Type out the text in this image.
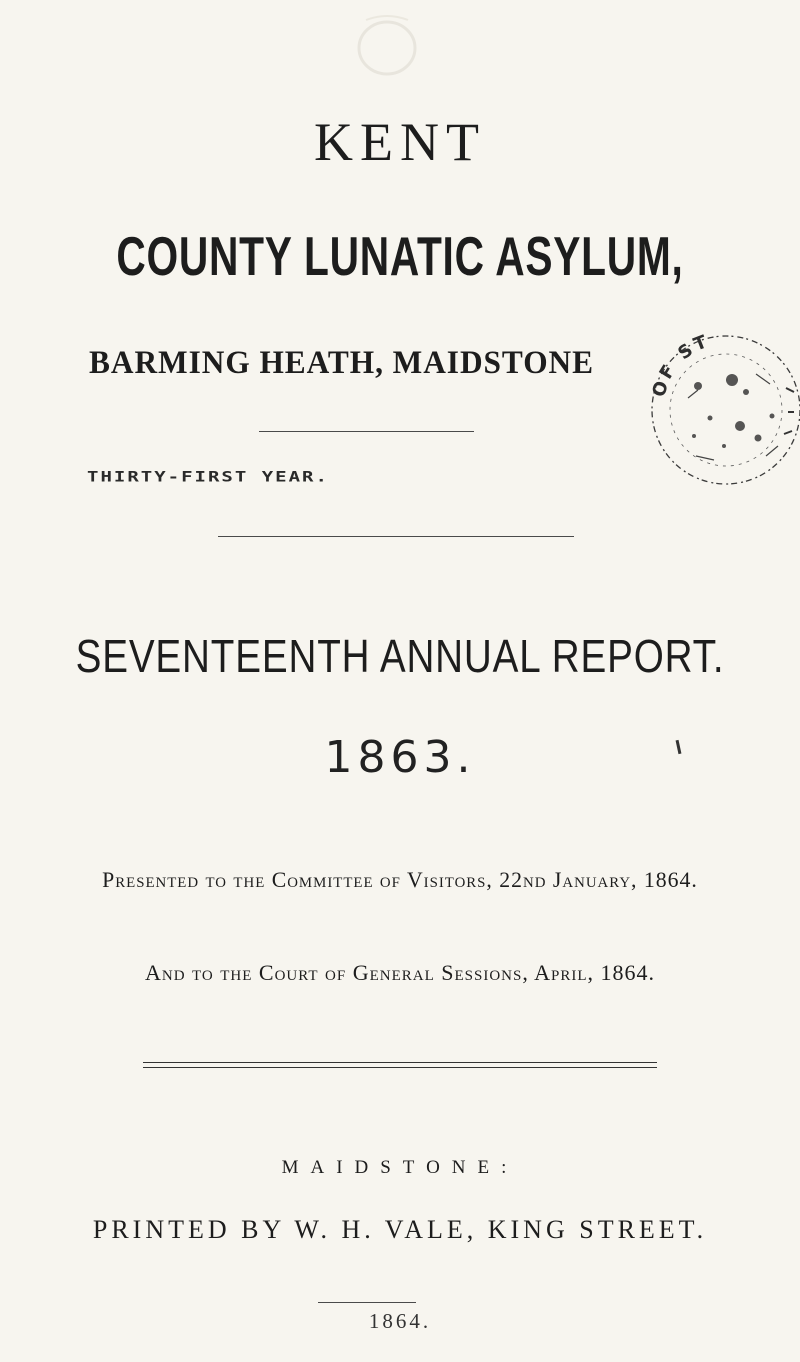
KENT
COUNTY LUNATIC ASYLUM,
BARMING HEATH, MAIDSTONE
THIRTY-FIRST YEAR.
OF ST
SEVENTEENTH ANNUAL REPORT.
1863.
Presented to the Committee of Visitors, 22nd January, 1864.
And to the Court of General Sessions, April, 1864.
MAIDSTONE:
PRINTED BY W. H. VALE, KING STREET.
1864.
